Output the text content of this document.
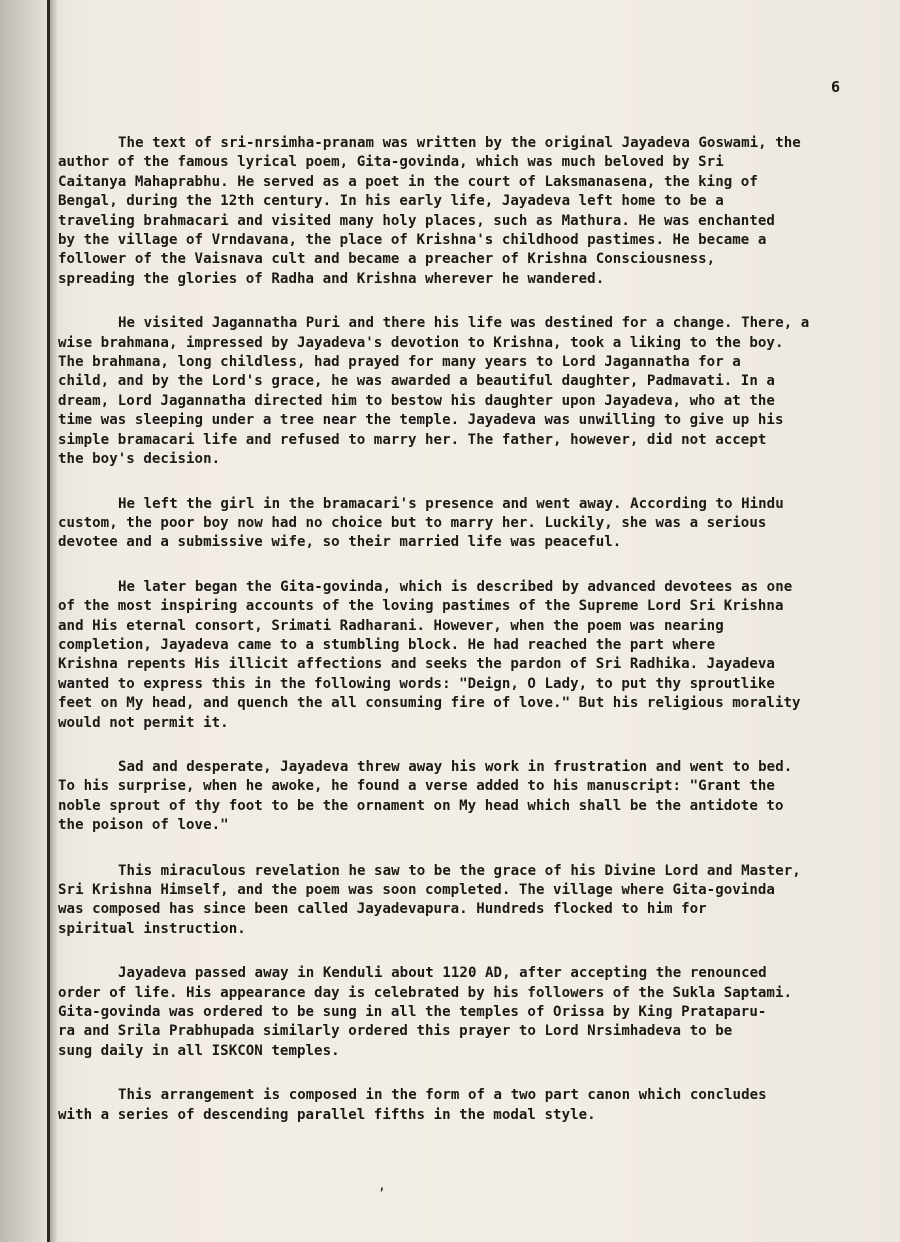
6
The text of sri-nrsimha-pranam was written by the original Jayadeva Goswami, the
author of the famous lyrical poem, Gita-govinda, which was much beloved by Sri
Caitanya Mahaprabhu. He served as a poet in the court of Laksmanasena, the king of
Bengal, during the 12th century. In his early life, Jayadeva left home to be a
traveling brahmacari and visited many holy places, such as Mathura. He was enchanted
by the village of Vrndavana, the place of Krishna's childhood pastimes. He became a
follower of the Vaisnava cult and became a preacher of Krishna Consciousness,
spreading the glories of Radha and Krishna wherever he wandered.
He visited Jagannatha Puri and there his life was destined for a change. There, a
wise brahmana, impressed by Jayadeva's devotion to Krishna, took a liking to the boy.
The brahmana, long childless, had prayed for many years to Lord Jagannatha for a
child, and by the Lord's grace, he was awarded a beautiful daughter, Padmavati. In a
dream, Lord Jagannatha directed him to bestow his daughter upon Jayadeva, who at the
time was sleeping under a tree near the temple. Jayadeva was unwilling to give up his
simple bramacari life and refused to marry her. The father, however, did not accept
the boy's decision.
He left the girl in the bramacari's presence and went away. According to Hindu
custom, the poor boy now had no choice but to marry her. Luckily, she was a serious
devotee and a submissive wife, so their married life was peaceful.
He later began the Gita-govinda, which is described by advanced devotees as one
of the most inspiring accounts of the loving pastimes of the Supreme Lord Sri Krishna
and His eternal consort, Srimati Radharani. However, when the poem was nearing
completion, Jayadeva came to a stumbling block. He had reached the part where
Krishna repents His illicit affections and seeks the pardon of Sri Radhika. Jayadeva
wanted to express this in the following words: "Deign, O Lady, to put thy sproutlike
feet on My head, and quench the all consuming fire of love." But his religious morality
would not permit it.
Sad and desperate, Jayadeva threw away his work in frustration and went to bed.
To his surprise, when he awoke, he found a verse added to his manuscript: "Grant the
noble sprout of thy foot to be the ornament on My head which shall be the antidote to
the poison of love."
This miraculous revelation he saw to be the grace of his Divine Lord and Master,
Sri Krishna Himself, and the poem was soon completed. The village where Gita-govinda
was composed has since been called Jayadevapura. Hundreds flocked to him for
spiritual instruction.
Jayadeva passed away in Kenduli about 1120 AD, after accepting the renounced
order of life. His appearance day is celebrated by his followers of the Sukla Saptami.
Gita-govinda was ordered to be sung in all the temples of Orissa by King Prataparu-
ra and Srila Prabhupada similarly ordered this prayer to Lord Nrsimhadeva to be
sung daily in all ISKCON temples.
This arrangement is composed in the form of a two part canon which concludes
with a series of descending parallel fifths in the modal style.
ʼ
